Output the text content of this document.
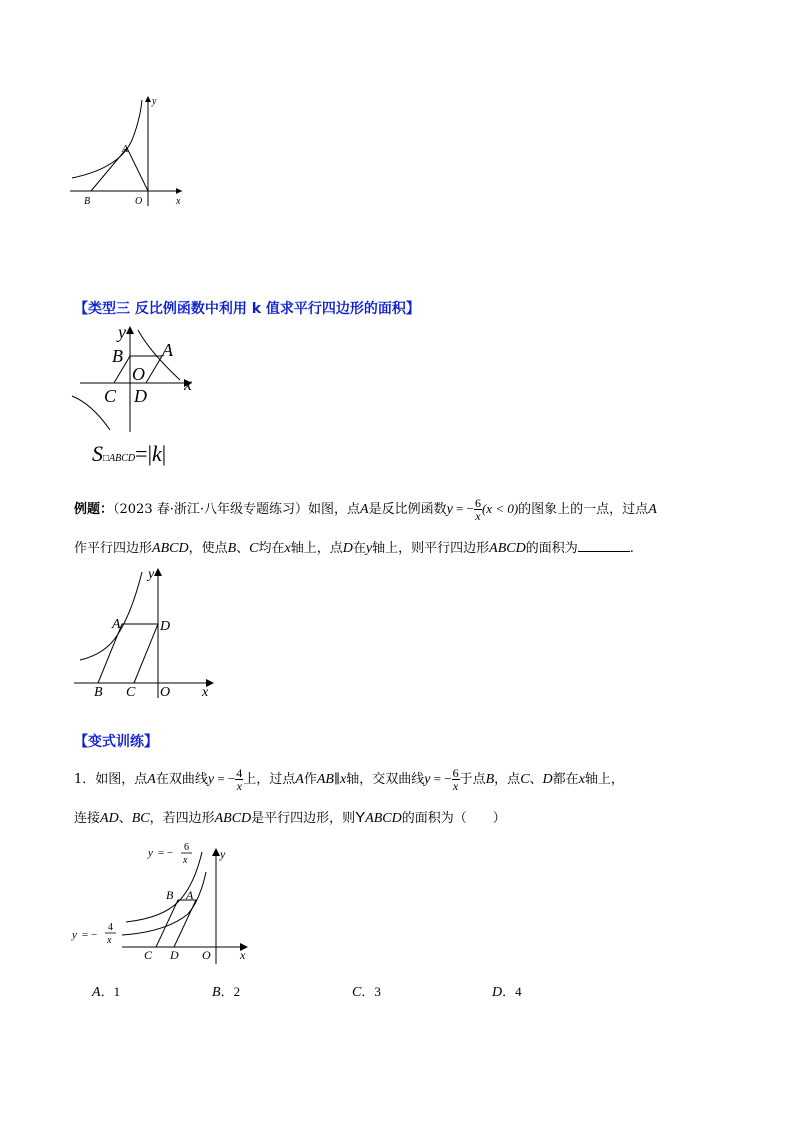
y
x
A
B	O
【类型三 反比例函数中利用 k 值求平行四边形的面积】
y
x
A
B
C D
O
S□ABCD=|k|
例题：（2023 春·浙江·八年级专题练习）如图，点A是反比例函数y = − $\frac{6}{x} (x < 0)$的图象上的一点，过点A
作平行四边形ABCD，使点B、C均在x轴上，点D在y轴上，则平行四边形ABCD的面积为	.
y
x
A	D
B C O
【变式训练】
1．如图，点A在双曲线y = − $\frac{4}{x}$ 上，过点A作AB∥x轴，交双曲线y = − $\frac{6}{x}$ 于点B，点C、D都在x轴上，
连接AD、BC，若四边形ABCD是平行四边形，则YABCD的面积为（　　）
y = − 6
x
y = −
4
x
y
x
B A
C D O
A．1	B．2	C．3	D．4
